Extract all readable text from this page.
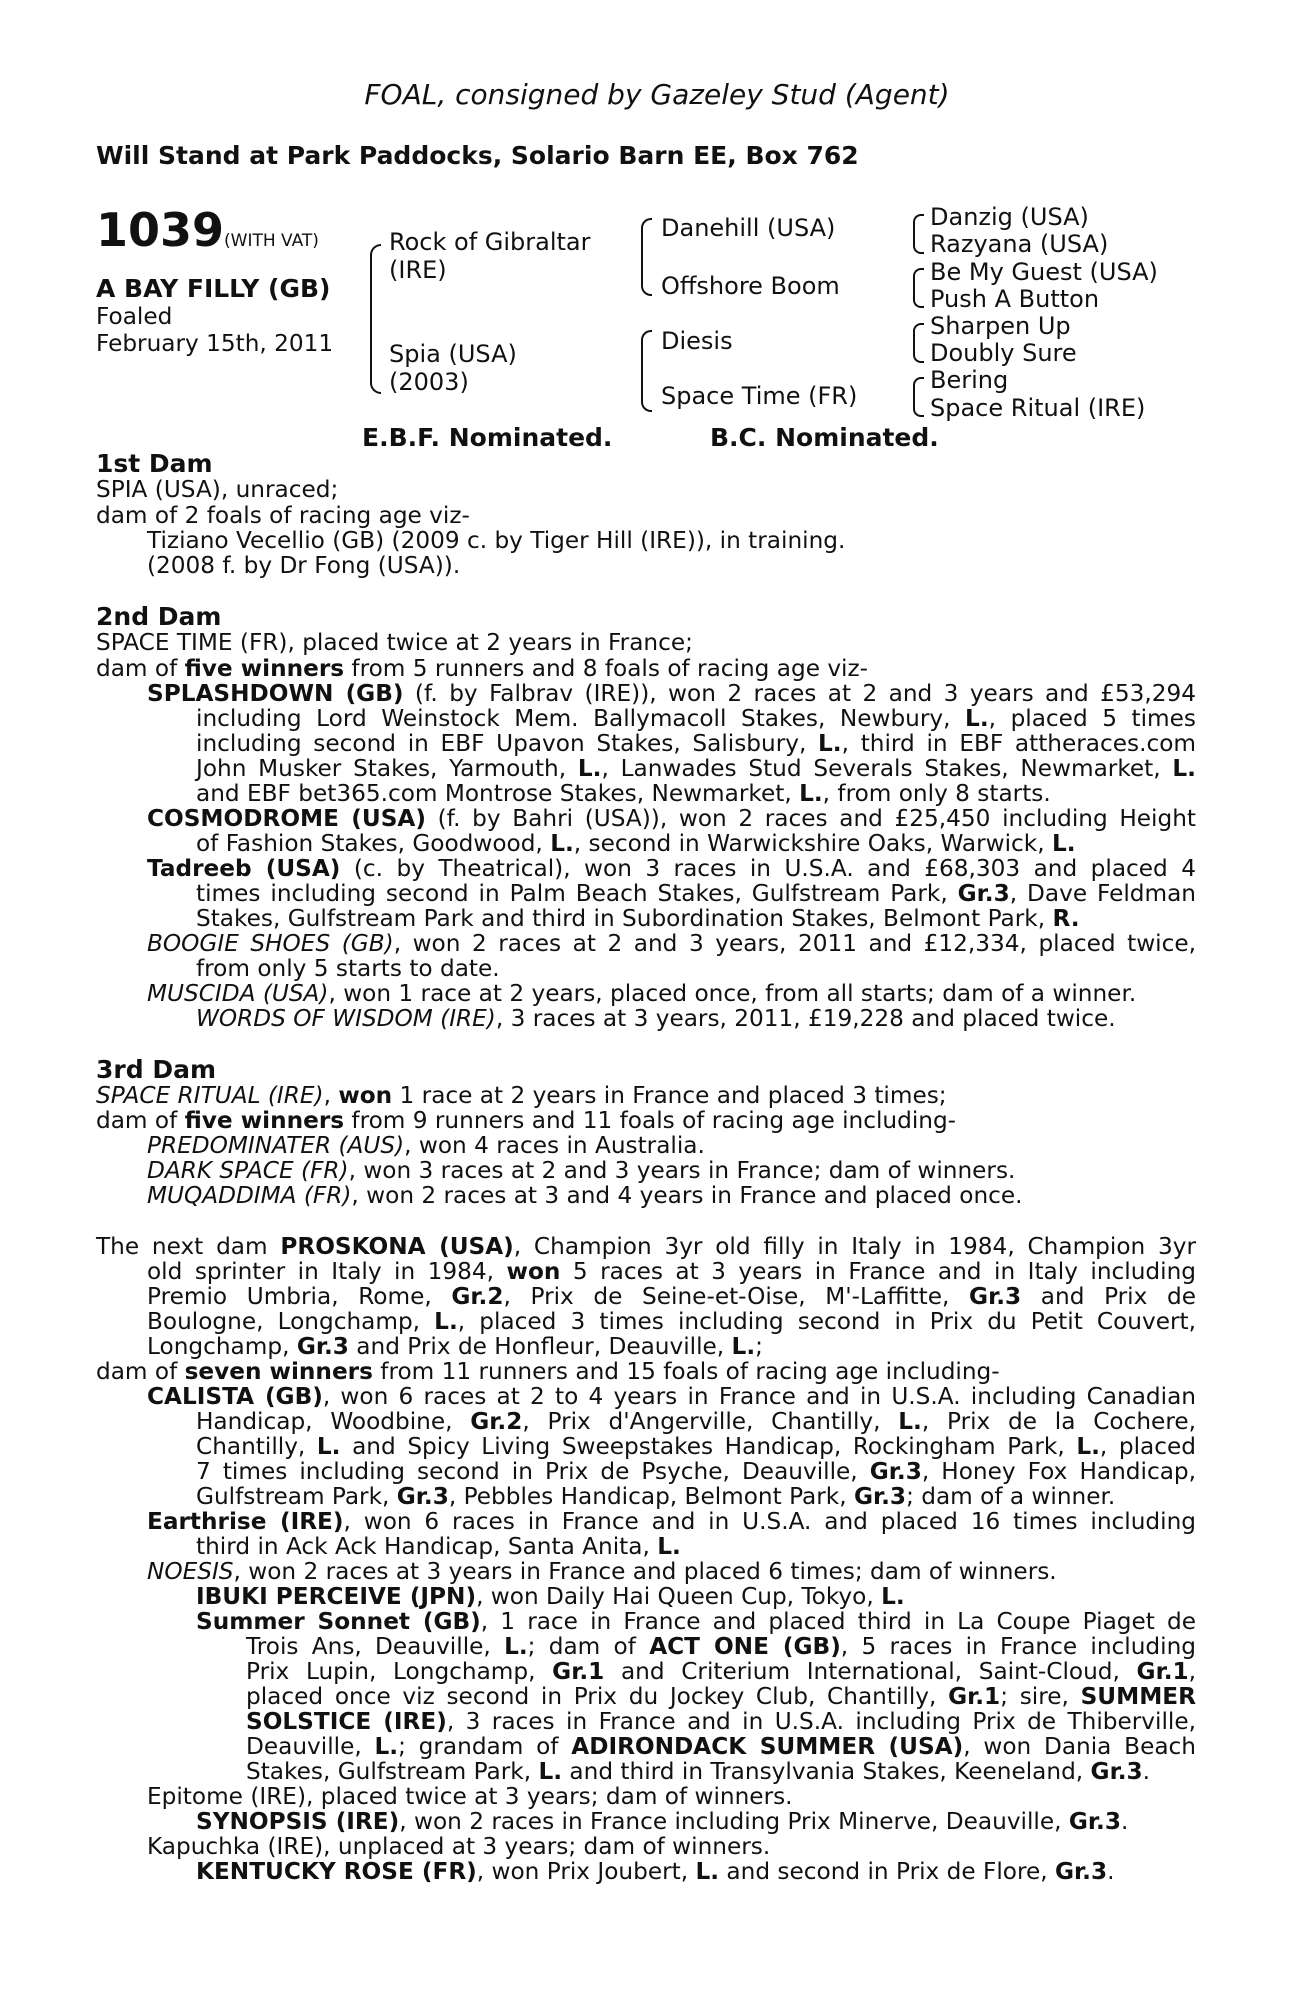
FOAL, consigned by Gazeley Stud (Agent)
Will Stand at Park Paddocks, Solario Barn EE, Box 762
1039 (WITH VAT)
A BAY FILLY (GB)
Foaled
February 15th, 2011
Rock of Gibraltar
(IRE)
Spia (USA)
(2003)
Danehill (USA)
Offshore Boom
Diesis
Space Time (FR)
Danzig (USA)
Razyana (USA)
Be My Guest (USA)
Push A Button
Sharpen Up
Doubly Sure
Bering
Space Ritual (IRE)
E.B.F. Nominated.	B.C. Nominated.
1st Dam
SPIA (USA), unraced;
dam of 2 foals of racing age viz-
Tiziano Vecellio (GB) (2009 c. by Tiger Hill (IRE)), in training.
(2008 f. by Dr Fong (USA)).
2nd Dam
SPACE TIME (FR), placed twice at 2 years in France;
dam of five winners from 5 runners and 8 foals of racing age viz-
SPLASHDOWN (GB) (f. by Falbrav (IRE)), won 2 races at 2 and 3 years and £53,294
including Lord Weinstock Mem. Ballymacoll Stakes, Newbury, L., placed 5 times
including second in EBF Upavon Stakes, Salisbury, L., third in EBF attheraces.com
John Musker Stakes, Yarmouth, L., Lanwades Stud Severals Stakes, Newmarket, L.
and EBF bet365.com Montrose Stakes, Newmarket, L., from only 8 starts.
COSMODROME (USA) (f. by Bahri (USA)), won 2 races and £25,450 including Height
of Fashion Stakes, Goodwood, L., second in Warwickshire Oaks, Warwick, L.
Tadreeb (USA) (c. by Theatrical), won 3 races in U.S.A. and £68,303 and placed 4
times including second in Palm Beach Stakes, Gulfstream Park, Gr.3, Dave Feldman
Stakes, Gulfstream Park and third in Subordination Stakes, Belmont Park, R.
BOOGIE SHOES (GB), won 2 races at 2 and 3 years, 2011 and £12,334, placed twice,
from only 5 starts to date.
MUSCIDA (USA), won 1 race at 2 years, placed once, from all starts; dam of a winner.
WORDS OF WISDOM (IRE), 3 races at 3 years, 2011, £19,228 and placed twice.
3rd Dam
SPACE RITUAL (IRE), won 1 race at 2 years in France and placed 3 times;
dam of five winners from 9 runners and 11 foals of racing age including-
PREDOMINATER (AUS), won 4 races in Australia.
DARK SPACE (FR), won 3 races at 2 and 3 years in France; dam of winners.
MUQADDIMA (FR), won 2 races at 3 and 4 years in France and placed once.
The next dam PROSKONA (USA), Champion 3yr old filly in Italy in 1984, Champion 3yr
old sprinter in Italy in 1984, won 5 races at 3 years in France and in Italy including
Premio Umbria, Rome, Gr.2, Prix de Seine-et-Oise, M'-Laffitte, Gr.3 and Prix de
Boulogne, Longchamp, L., placed 3 times including second in Prix du Petit Couvert,
Longchamp, Gr.3 and Prix de Honfleur, Deauville, L.;
dam of seven winners from 11 runners and 15 foals of racing age including-
CALISTA (GB), won 6 races at 2 to 4 years in France and in U.S.A. including Canadian
Handicap, Woodbine, Gr.2, Prix d'Angerville, Chantilly, L., Prix de la Cochere,
Chantilly, L. and Spicy Living Sweepstakes Handicap, Rockingham Park, L., placed
7 times including second in Prix de Psyche, Deauville, Gr.3, Honey Fox Handicap,
Gulfstream Park, Gr.3, Pebbles Handicap, Belmont Park, Gr.3; dam of a winner.
Earthrise (IRE), won 6 races in France and in U.S.A. and placed 16 times including
third in Ack Ack Handicap, Santa Anita, L.
NOESIS, won 2 races at 3 years in France and placed 6 times; dam of winners.
IBUKI PERCEIVE (JPN), won Daily Hai Queen Cup, Tokyo, L.
Summer Sonnet (GB), 1 race in France and placed third in La Coupe Piaget de
Trois Ans, Deauville, L.; dam of ACT ONE (GB), 5 races in France including
Prix Lupin, Longchamp, Gr.1 and Criterium International, Saint-Cloud, Gr.1,
placed once viz second in Prix du Jockey Club, Chantilly, Gr.1; sire, SUMMER
SOLSTICE (IRE), 3 races in France and in U.S.A. including Prix de Thiberville,
Deauville, L.; grandam of ADIRONDACK SUMMER (USA), won Dania Beach
Stakes, Gulfstream Park, L. and third in Transylvania Stakes, Keeneland, Gr.3.
Epitome (IRE), placed twice at 3 years; dam of winners.
SYNOPSIS (IRE), won 2 races in France including Prix Minerve, Deauville, Gr.3.
Kapuchka (IRE), unplaced at 3 years; dam of winners.
KENTUCKY ROSE (FR), won Prix Joubert, L. and second in Prix de Flore, Gr.3.
